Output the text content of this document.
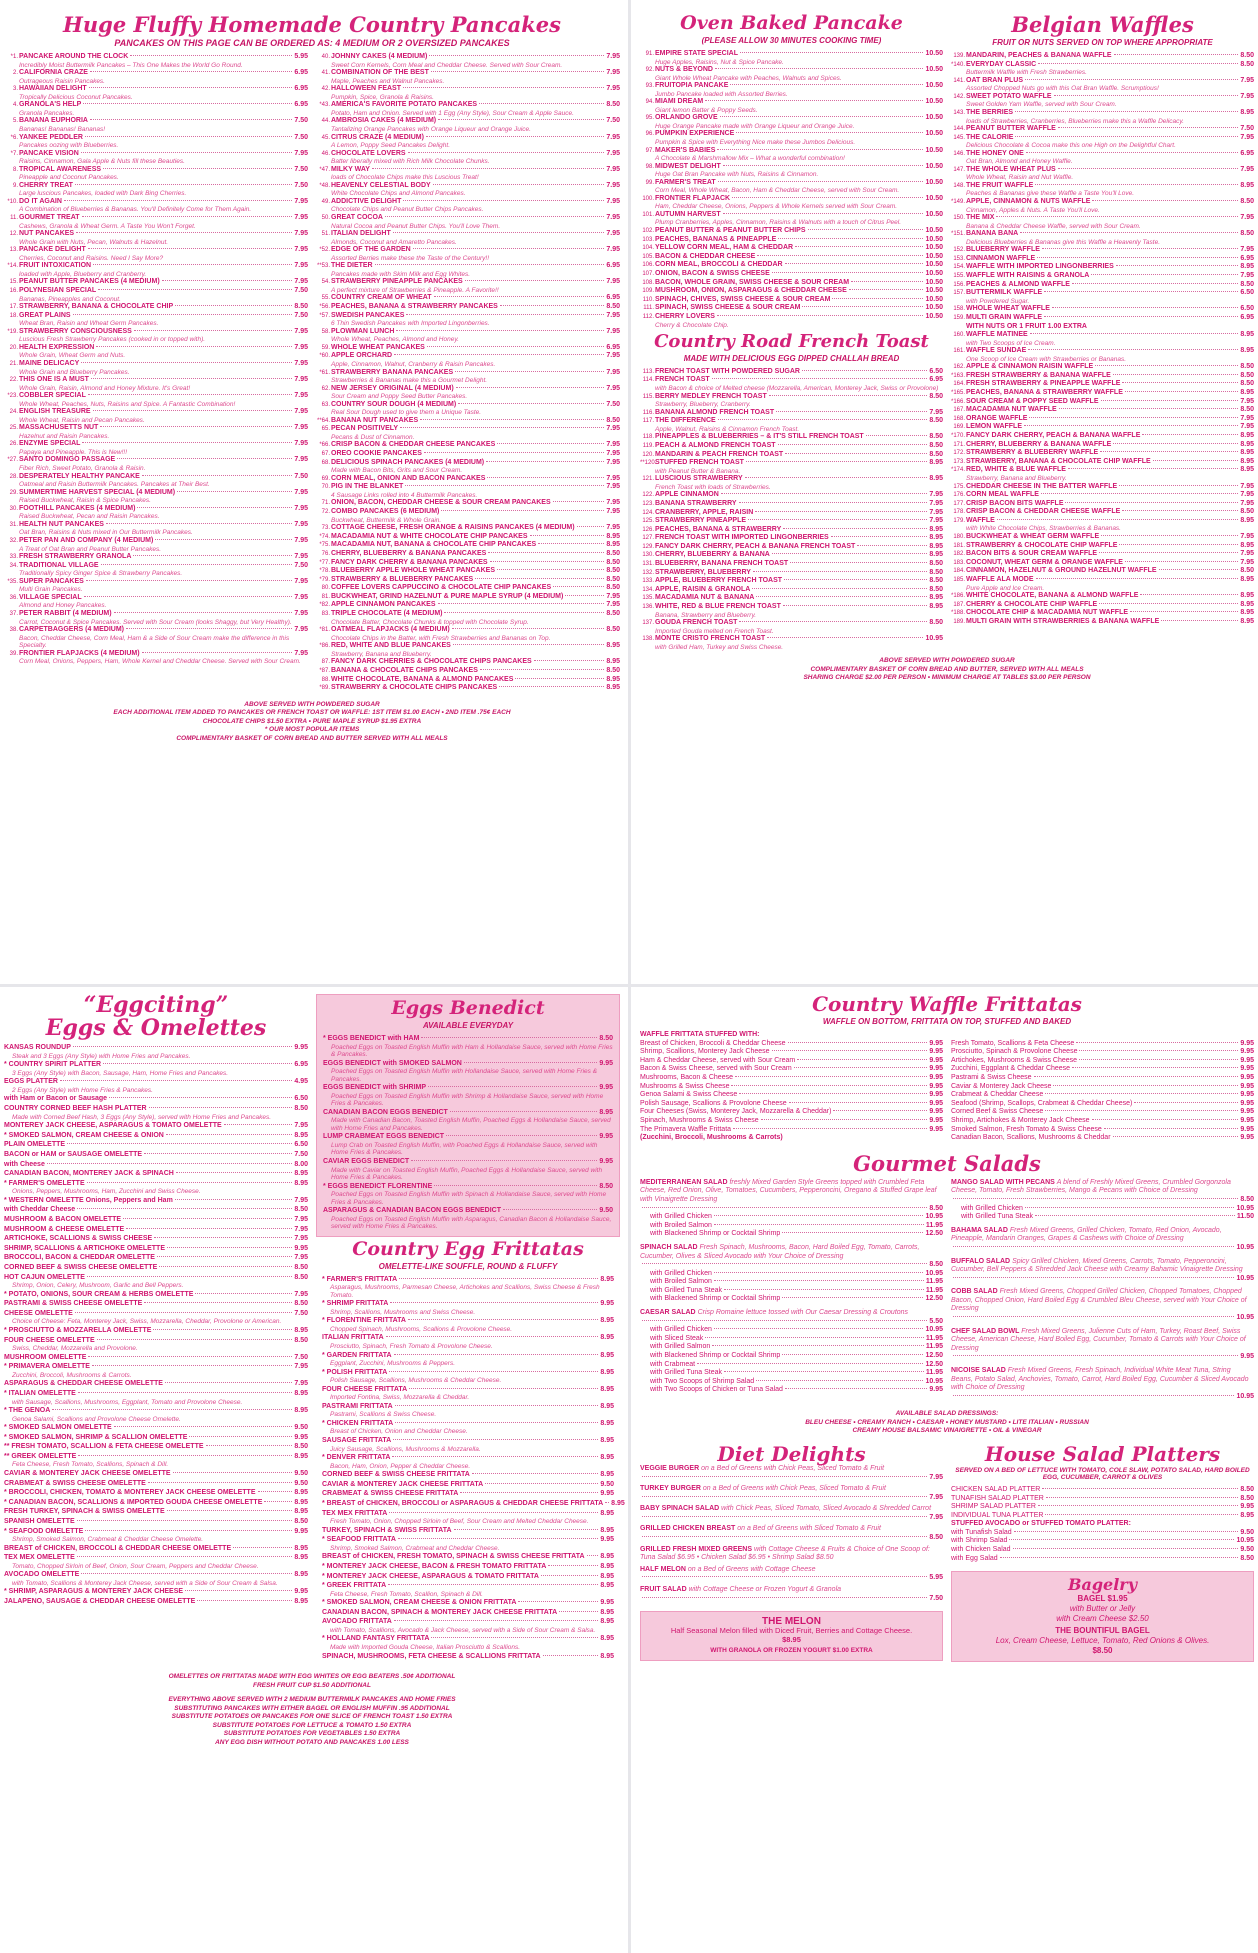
Huge Fluffy Homemade Country Pancakes
PANCAKES ON THIS PAGE CAN BE ORDERED AS: 4 MEDIUM OR 2 OVERSIZED PANCAKES
*1. PANCAKE AROUND THE CLOCK	5.95
Incredibly Moist Buttermilk Pancakes – This One Makes the World Go Round.
2. CALIFORNIA CRAZE	6.95
Outrageous Raisin Pancakes.
3. HAWAIIAN DELIGHT	6.95
Tropically Delicious Coconut Pancakes.
4. GRANOLA'S HELP	6.95
Granola Pancakes.
5. BANANA EUPHORIA	7.50
Bananas! Bananas! Bananas!
*6. YANKEE PEDDLER	7.50
Pancakes oozing with Blueberries.
*7. PANCAKE VISION	7.95
Raisins, Cinnamon, Gala Apple & Nuts fill these Beauties.
8. TROPICAL AWARENESS	7.50
Pineapple and Coconut Pancakes.
9. CHERRY TREAT	7.50
Large luscious Pancakes, loaded with Dark Bing Cherries.
*10. DO IT AGAIN	7.95
A Combination of Blueberries & Bananas. You'll Definitely Come for Them Again.
11. GOURMET TREAT	7.95
Cashews, Granola & Wheat Germ. A Taste You Won't Forget.
12. NUT PANCAKES	7.95
Whole Grain with Nuts, Pecan, Walnuts & Hazelnut.
13. PANCAKE DELIGHT	7.95
Cherries, Coconut and Raisins. Need I Say More?
*14. FRUIT INTOXICATION	7.95
loaded with Apple, Blueberry and Cranberry.
15. PEANUT BUTTER PANCAKES (4 MEDIUM)	7.95
16. POLYNESIAN SPECIAL	7.50
Bananas, Pineapples and Coconut.
17. STRAWBERRY, BANANA & CHOCOLATE CHIP	8.50
18. GREAT PLAINS	7.50
Wheat Bran, Raisin and Wheat Germ Pancakes.
*19. STRAWBERRY CONSCIOUSNESS	7.95
Luscious Fresh Strawberry Pancakes (cooked in or topped with).
20. HEALTH EXPRESSION	7.95
Whole Grain, Wheat Germ and Nuts.
21. MAINE DELICACY	7.95
Whole Grain and Blueberry Pancakes.
22. THIS ONE IS A MUST	7.95
Whole Grain, Raisin, Almond and Honey Mixture. It's Great!
*23. COBBLER SPECIAL	7.95
Whole Wheat, Peaches, Nuts, Raisins and Spice. A Fantastic Combination!
24. ENGLISH TREASURE	7.95
Whole Wheat, Raisin and Pecan Pancakes.
25. MASSACHUSETTS NUT	7.95
Hazelnut and Raisin Pancakes.
26. ENZYME SPECIAL	7.95
Papaya and Pineapple. This is New!!!
*27. SANTO DOMINGO PASSAGE	7.95
Fiber Rich, Sweet Potato, Granola & Raisin.
28. DESPERATELY HEALTHY PANCAKE	7.50
Oatmeal and Raisin Buttermilk Pancakes. Pancakes at Their Best.
29. SUMMERTIME HARVEST SPECIAL (4 MEDIUM)	7.95
Raised Buckwheat, Raisin & Spice Pancakes.
30. FOOTHILL PANCAKES (4 MEDIUM)	7.95
Raised Buckwheat, Pecan and Raisin Pancakes.
31. HEALTH NUT PANCAKES	7.95
Oat Bran, Raisins & Nuts mixed in Our Buttermilk Pancakes.
32. PETER PAN AND COMPANY (4 MEDIUM)	7.95
A Treat of Oat Bran and Peanut Butter Pancakes.
33. FRESH STRAWBERRY GRANOLA	7.95
34. TRADITIONAL VILLAGE	7.50
Traditionally Spicy Ginger Spice & Strawberry Pancakes.
*35. SUPER PANCAKES	7.95
Multi Grain Pancakes.
36. VILLAGE SPECIAL	7.95
Almond and Honey Pancakes.
37. PETER RABBIT (4 MEDIUM)	7.95
Carrot, Coconut & Spice Pancakes. Served with Sour Cream (looks Shaggy, but Very Healthy).
38. CARPETBAGGERS (4 MEDIUM)	7.95
Bacon, Cheddar Cheese, Corn Meal, Ham & a Side of Sour Cream make the difference in this Specialty.
39. FRONTIER FLAPJACKS (4 MEDIUM)	7.95
Corn Meal, Onions, Peppers, Ham, Whole Kernel and Cheddar Cheese. Served with Sour Cream.
40. JOHNNY CAKES (4 MEDIUM)	7.95
Sweet Corn Kernels, Corn Meal and Cheddar Cheese. Served with Sour Cream.
41. COMBINATION OF THE BEST	7.95
Maple, Peaches and Walnut Pancakes.
42. HALLOWEEN FEAST	7.95
Pumpkin, Spice, Granola & Raisins.
*43. AMERICA'S FAVORITE POTATO PANCAKES	8.50
Potato, Ham and Onion. Served with 1 Egg (Any Style), Sour Cream & Apple Sauce.
44. AMBROSIA CAKES (4 MEDIUM)	7.50
Tantalizing Orange Pancakes with Orange Liqueur and Orange Juice.
45. CITRUS CRAZE (4 MEDIUM)	7.95
A Lemon, Poppy Seed Pancakes Delight.
46. CHOCOLATE LOVERS	7.95
Batter liberally mixed with Rich Milk Chocolate Chunks.
*47. MILKY WAY	7.95
loads of Chocolate Chips make this Luscious Treat!
*48. HEAVENLY CELESTIAL BODY	7.95
White Chocolate Chips and Almond Pancakes.
49. ADDICTIVE DELIGHT	7.95
Chocolate Chips and Peanut Butter Chips Pancakes.
50. GREAT COCOA	7.95
Natural Cocoa and Peanut Butter Chips. You'll Love Them.
51. ITALIAN DELIGHT	7.95
Almonds, Coconut and Amaretto Pancakes.
*52. EDGE OF THE GARDEN	7.95
Assorted Berries make these the Taste of the Century!!
**53. THE DIETER	6.95
Pancakes made with Skim Milk and Egg Whites.
54. STRAWBERRY PINEAPPLE PANCAKES	7.95
A perfect mixture of Strawberries & Pineapple. A Favorite!!
55. COUNTRY CREAM OF WHEAT	6.95
*56. PEACHES, BANANA & STRAWBERRY PANCAKES	8.50
*57. SWEDISH PANCAKES	7.95
6 Thin Swedish Pancakes with Imported Lingonberries.
58. PLOWMAN LUNCH	7.95
Whole Wheat, Peaches, Almond and Honey.
59. WHOLE WHEAT PANCAKES	6.95
*60. APPLE ORCHARD	7.95
Apple, Cinnamon, Walnut, Cranberry & Raisin Pancakes.
*61. STRAWBERRY BANANA PANCAKES	7.95
Strawberries & Bananas make this a Gourmet Delight.
62. NEW JERSEY ORIGINAL (4 MEDIUM)	7.95
Sour Cream and Poppy Seed Butter Pancakes.
63. COUNTRY SOUR DOUGH (4 MEDIUM)	7.50
Real Sour Dough used to give them a Unique Taste.
**64. BANANA NUT PANCAKES	8.50
65. PECAN POSITIVELY	7.95
Pecans & Dust of Cinnamon.
*66. CRISP BACON & CHEDDAR CHEESE PANCAKES	7.95
67. OREO COOKIE PANCAKES	7.95
68. DELICIOUS SPINACH PANCAKES (4 MEDIUM)	7.95
Made with Bacon Bits, Grits and Sour Cream.
69. CORN MEAL, ONION AND BACON PANCAKES	7.95
70. PIG IN THE BLANKET	7.95
4 Sausage Links rolled into 4 Buttermilk Pancakes.
71. ONION, BACON, CHEDDAR CHEESE & SOUR CREAM PANCAKES	7.95
72. COMBO PANCAKES (6 MEDIUM)	7.95
Buckwheat, Buttermilk & Whole Grain.
73. COTTAGE CHEESE, FRESH ORANGE & RAISINS PANCAKES (4 MEDIUM)	7.95
*74. MACADAMIA NUT & WHITE CHOCOLATE CHIP PANCAKES	8.95
*75. MACADAMIA NUT, BANANA & CHOCOLATE CHIP PANCAKES	8.95
76. CHERRY, BLUEBERRY & BANANA PANCAKES	8.50
*77. FANCY DARK CHERRY & BANANA PANCAKES	8.50
*78. BLUEBERRY APPLE WHOLE WHEAT PANCAKES	8.50
*79. STRAWBERRY & BLUEBERRY PANCAKES	8.50
80. COFFEE LOVERS CAPPUCCINO & CHOCOLATE CHIP PANCAKES	8.50
81. BUCKWHEAT, GRIND HAZELNUT & PURE MAPLE SYRUP (4 MEDIUM)	7.95
*82. APPLE CINNAMON PANCAKES	7.95
83. TRIPLE CHOCOLATE (4 MEDIUM)	8.50
Chocolate Batter, Chocolate Chunks & topped with Chocolate Syrup.
*81. OATMEAL FLAPJACKS (4 MEDIUM)	8.50
Chocolate Chips in the Batter, with Fresh Strawberries and Bananas on Top.
*86. RED, WHITE AND BLUE PANCAKES	8.95
Strawberry, Banana and Blueberry.
87. FANCY DARK CHERRIES & CHOCOLATE CHIPS PANCAKES	8.95
*87. BANANA & CHOCOLATE CHIPS PANCAKES	8.50
88. WHITE CHOCOLATE, BANANA & ALMOND PANCAKES	8.95
*89. STRAWBERRY & CHOCOLATE CHIPS PANCAKES	8.95
ABOVE SERVED WITH POWDERED SUGAR
EACH ADDITIONAL ITEM ADDED TO PANCAKES OR FRENCH TOAST OR WAFFLE: 1ST ITEM $1.00 EACH • 2ND ITEM .75¢ EACH
CHOCOLATE CHIPS $1.50 EXTRA • PURE MAPLE SYRUP $1.95 EXTRA
* OUR MOST POPULAR ITEMS
COMPLIMENTARY BASKET OF CORN BREAD AND BUTTER SERVED WITH ALL MEALS
Oven Baked Pancake
(PLEASE ALLOW 30 MINUTES COOKING TIME)
91. EMPIRE STATE SPECIAL	10.50
Huge Apples, Raisins, Nut & Spice Pancake.
92. NUTS & BEYOND	10.50
Giant Whole Wheat Pancake with Peaches, Walnuts and Spices.
93. FRUITOPIA PANCAKE	10.50
Jumbo Pancake loaded with Assorted Berries.
94. MIAMI DREAM	10.50
Giant lemon Batter & Poppy Seeds.
95. ORLANDO GROVE	10.50
Huge Orange Pancake made with Orange Liqueur and Orange Juice.
96. PUMPKIN EXPERIENCE	10.50
Pumpkin & Spice with Everything Nice make these Jumbos Delicious.
97. MAKER'S BABIES	10.50
A Chocolate & Marshmallow Mix – What a wonderful combination!
98. MIDWEST DELIGHT	10.50
Huge Oat Bran Pancake with Nuts, Raisins & Cinnamon.
99. FARMER'S TREAT	10.50
Corn Meal, Whole Wheat, Bacon, Ham & Cheddar Cheese, served with Sour Cream.
100. FRONTIER FLAPJACK	10.50
Ham, Cheddar Cheese, Onions, Peppers & Whole Kernels served with Sour Cream.
101. AUTUMN HARVEST	10.50
Plump Cranberries, Apples, Cinnamon, Raisins & Walnuts with a touch of Citrus Peel.
102. PEANUT BUTTER & PEANUT BUTTER CHIPS	10.50
103. PEACHES, BANANAS & PINEAPPLE	10.50
104. YELLOW CORN MEAL, HAM & CHEDDAR	10.50
105. BACON & CHEDDAR CHEESE	10.50
106. CORN MEAL, BROCCOLI & CHEDDAR	10.50
107. ONION, BACON & SWISS CHEESE	10.50
108. BACON, WHOLE GRAIN, SWISS CHEESE & SOUR CREAM	10.50
109. MUSHROOM, ONION, ASPARAGUS & CHEDDAR CHEESE	10.50
110. SPINACH, CHIVES, SWISS CHEESE & SOUR CREAM	10.50
111. SPINACH, SWISS CHEESE & SOUR CREAM	10.50
112. CHERRY LOVERS	10.50
Cherry & Chocolate Chip.
Country Road French Toast
MADE WITH DELICIOUS EGG DIPPED CHALLAH BREAD
113. FRENCH TOAST WITH POWDERED SUGAR	6.50
114. FRENCH TOAST	6.95
with Bacon & choice of Melted cheese (Mozzarella, American, Monterey Jack, Swiss or Provolone)
115. BERRY MEDLEY FRENCH TOAST	8.50
Strawberry, Blueberry, Cranberry.
116. BANANA ALMOND FRENCH TOAST	7.95
117. THE DIFFERENCE	8.50
Apple, Walnut, Raisins & Cinnamon French Toast.
118. PINEAPPLES & BLUEBERRIES – & IT'S STILL FRENCH TOAST	8.50
119. PEACH & ALMOND FRENCH TOAST	8.50
120. MANDARIN & PEACH FRENCH TOAST	8.50
**120.
STUFFED FRENCH TOAST	8.95
with Peanut Butter & Banana.
121. LUSCIOUS STRAWBERRY	8.95
French Toast with loads of Strawberries.
122. APPLE CINNAMON	7.95
123. BANANA STRAWBERRY	7.95
124. CRANBERRY, APPLE, RAISIN	7.95
125. STRAWBERRY PINEAPPLE	7.95
126. PEACHES, BANANA & STRAWBERRY	8.95
127. FRENCH TOAST WITH IMPORTED LINGONBERRIES	8.95
129. FANCY DARK CHERRY, PEACH & BANANA FRENCH TOAST	8.95
130. CHERRY, BLUEBERRY & BANANA	8.95
131. BLUEBERRY, BANANA FRENCH TOAST	8.50
132. STRAWBERRY, BLUEBERRY	8.50
133. APPLE, BLUEBERRY FRENCH TOAST	8.50
134. APPLE, RAISIN & GRANOLA	8.50
135. MACADAMIA NUT & BANANA	8.95
136. WHITE, RED & BLUE FRENCH TOAST	8.95
Banana, Strawberry and Blueberry.
137. GOUDA FRENCH TOAST	8.50
Imported Gouda melted on French Toast.
138. MONTE CRISTO FRENCH TOAST	10.95
with Grilled Ham, Turkey and Swiss Cheese.
Belgian Waffles
FRUIT OR NUTS SERVED ON TOP WHERE APPROPRIATE
139. MANDARIN, PEACHES & BANANA WAFFLE	8.50
*140. EVERYDAY CLASSIC	8.50
Buttermilk Waffle with Fresh Strawberries.
141. OAT BRAN PLUS	7.95
Assorted Chopped Nuts go with this Oat Bran Waffle. Scrumptious!
142. SWEET POTATO WAFFLE	7.95
Sweet Golden Yam Waffle, served with Sour Cream.
143. THE BERRIES	8.95
loads of Strawberries, Cranberries, Blueberries make this a Waffle Delicacy.
144. PEANUT BUTTER WAFFLE	7.50
145. THE CALORIE	7.95
Delicious Chocolate & Cocoa make this one High on the Delightful Chart.
146. THE HONEY ONE	6.95
Oat Bran, Almond and Honey Waffle.
147. THE WHOLE WHEAT PLUS	7.95
Whole Wheat, Raisin and Nut Waffle.
148. THE FRUIT WAFFLE	8.95
Peaches & Bananas give these Waffle a Taste You'll Love.
*149. APPLE, CINNAMON & NUTS WAFFLE	8.50
Cinnamon, Apples & Nuts. A Taste You'll Love.
150. THE MIX	7.95
Banana & Cheddar Cheese Waffle, served with Sour Cream.
*151. BANANA BANA	8.50
Delicious Blueberries & Bananas give this Waffle a Heavenly Taste.
152. BLUEBERRY WAFFLE	7.95
153. CINNAMON WAFFLE	6.95
154. WAFFLE WITH IMPORTED LINGONBERRIES	8.95
155. WAFFLE WITH RAISINS & GRANOLA	7.95
156. PEACHES & ALMOND WAFFLE	8.50
157. BUTTERMILK WAFFLE	6.50
with Powdered Sugar.
158. WHOLE WHEAT WAFFLE	6.50
159. MULTI GRAIN WAFFLE	6.95
WITH NUTS OR 1 FRUIT 1.00 EXTRA
160. WAFFLE MATINEE	8.95
with Two Scoops of Ice Cream.
161. WAFFLE SUNDAE	8.95
One Scoop of Ice Cream with Strawberries or Bananas.
162. APPLE & CINNAMON RAISIN WAFFLE	8.50
*163. FRESH STRAWBERRY & BANANA WAFFLE	8.50
164. FRESH STRAWBERRY & PINEAPPLE WAFFLE	8.50
*165. PEACHES, BANANA & STRAWBERRY WAFFLE	8.95
*166. SOUR CREAM & POPPY SEED WAFFLE	7.95
167. MACADAMIA NUT WAFFLE	8.50
168. ORANGE WAFFLE	7.95
169. LEMON WAFFLE	7.95
*170. FANCY DARK CHERRY, PEACH & BANANA WAFFLE	8.95
171. CHERRY, BLUEBERRY & BANANA WAFFLE	8.95
172. STRAWBERRY & BLUEBERRY WAFFLE	8.95
173. STRAWBERRY, BANANA & CHOCOLATE CHIP WAFFLE	8.95
*174. RED, WHITE & BLUE WAFFLE	8.95
Strawberry, Banana and Blueberry.
175. CHEDDAR CHEESE IN THE BATTER WAFFLE	7.95
176. CORN MEAL WAFFLE	7.95
177. CRISP BACON BITS WAFFLE	7.95
178. CRISP BACON & CHEDDAR CHEESE WAFFLE	8.50
179. WAFFLE	8.95
with White Chocolate Chips, Strawberries & Bananas.
180. BUCKWHEAT & WHEAT GERM WAFFLE	7.95
181. STRAWBERRY & CHOCOLATE CHIP WAFFLE	8.95
182. BACON BITS & SOUR CREAM WAFFLE	7.95
183. COCONUT, WHEAT GERM & ORANGE WAFFLE	7.95
184. CINNAMON, HAZELNUT & GROUND HAZELNUT WAFFLE	8.50
185. WAFFLE ALA MODE	8.95
Pure Apple and Ice Cream.
*186. WHITE CHOCOLATE, BANANA & ALMOND WAFFLE	8.95
187. CHERRY & CHOCOLATE CHIP WAFFLE	8.95
*188. CHOCOLATE CHIP & MACADAMIA NUT WAFFLE	8.95
189. MULTI GRAIN WITH STRAWBERRIES & BANANA WAFFLE	8.95
ABOVE SERVED WITH POWDERED SUGAR
COMPLIMENTARY BASKET OF CORN BREAD AND BUTTER, SERVED WITH ALL MEALS
SHARING CHARGE $2.00 PER PERSON • MINIMUM CHARGE AT TABLES $3.00 PER PERSON
“Eggciting”
Eggs & Omelettes
KANSAS ROUNDUP	9.95
Steak and 3 Eggs (Any Style) with Home Fries and Pancakes.
* COUNTRY SPIRIT PLATTER	6.95
3 Eggs (Any Style) with Bacon, Sausage, Ham, Home Fries and Pancakes.
EGGS PLATTER	4.95
2 Eggs (Any Style) with Home Fries & Pancakes.
with Ham or Bacon or Sausage	6.50
COUNTRY CORNED BEEF HASH PLATTER	8.50
Made with Corned Beef Hash, 3 Eggs (Any Style), served with Home Fries and Pancakes.
MONTEREY JACK CHEESE, ASPARAGUS & TOMATO OMELETTE	7.95
* SMOKED SALMON, CREAM CHEESE & ONION	8.95
PLAIN OMELETTE	6.50
BACON or HAM or SAUSAGE OMELETTE	7.50
with Cheese	8.00
CANADIAN BACON, MONTEREY JACK & SPINACH	8.95
* FARMER'S OMELETTE	8.95
Onions, Peppers, Mushrooms, Ham, Zucchini and Swiss Cheese.
* WESTERN OMELETTE Onions, Peppers and Ham	7.95
with Cheddar Cheese	8.50
MUSHROOM & BACON OMELETTE	7.95
MUSHROOM & CHEESE OMELETTE	7.95
ARTICHOKE, SCALLIONS & SWISS CHEESE	7.95
SHRIMP, SCALLIONS & ARTICHOKE OMELETTE	9.95
BROCCOLI, BACON & CHEDDAR OMELETTE	7.95
CORNED BEEF & SWISS CHEESE OMELETTE	8.50
HOT CAJUN OMELETTE	8.50
Shrimp, Onion, Celery, Mushroom, Garlic and Bell Peppers.
* POTATO, ONIONS, SOUR CREAM & HERBS OMELETTE	7.95
PASTRAMI & SWISS CHEESE OMELETTE	8.50
CHEESE OMELETTE	7.50
Choice of Cheese: Feta, Monterey Jack, Swiss, Mozzarella, Cheddar, Provolone or American.
* PROSCIUTTO & MOZZARELLA OMELETTE	8.95
FOUR CHEESE OMELETTE	8.50
Swiss, Cheddar, Mozzarella and Provolone.
MUSHROOM OMELETTE	7.50
* PRIMAVERA OMELETTE	7.95
Zucchini, Broccoli, Mushrooms & Carrots.
ASPARAGUS & CHEDDAR CHEESE OMELETTE	7.95
* ITALIAN OMELETTE	8.95
with Sausage, Scallions, Mushrooms, Eggplant, Tomato and Provolone Cheese.
* THE GENOA	8.95
Genoa Salami, Scallions and Provolone Cheese Omelette.
* SMOKED SALMON OMELETTE	9.50
* SMOKED SALMON, SHRIMP & SCALLION OMELETTE	9.95
** FRESH TOMATO, SCALLION & FETA CHEESE OMELETTE	8.50
** GREEK OMELETTE	8.95
Feta Cheese, Fresh Tomato, Scallions, Spinach & Dill.
CAVIAR & MONTEREY JACK CHEESE OMELETTE	9.50
CRABMEAT & SWISS CHEESE OMELETTE	9.50
* BROCCOLI, CHICKEN, TOMATO & MONTEREY JACK CHEESE OMELETTE	8.95
* CANADIAN BACON, SCALLIONS & IMPORTED GOUDA CHEESE OMELETTE	8.95
FRESH TURKEY, SPINACH & SWISS OMELETTE	8.95
SPANISH OMELETTE	8.50
* SEAFOOD OMELETTE	9.95
Shrimp, Smoked Salmon, Crabmeat & Cheddar Cheese Omelette.
BREAST of CHICKEN, BROCCOLI & CHEDDAR CHEESE OMELETTE	8.95
TEX MEX OMELETTE	8.95
Tomato, Chopped Sirloin of Beef, Onion, Sour Cream, Peppers and Cheddar Cheese.
AVOCADO OMELETTE	8.95
with Tomato, Scallions & Monterey Jack Cheese, served with a Side of Sour Cream & Salsa.
* SHRIMP, ASPARAGUS & MONTEREY JACK CHEESE	9.95
JALAPENO, SAUSAGE & CHEDDAR CHEESE OMELETTE	8.95
Eggs Benedict
AVAILABLE EVERYDAY
* EGGS BENEDICT with HAM	8.50
Poached Eggs on Toasted English Muffin with Ham & Hollandaise Sauce, served with Home Fries & Pancakes.
EGGS BENEDICT with SMOKED SALMON	9.95
Poached Eggs on Toasted English Muffin with Hollandaise Sauce, served with Home Fries & Pancakes.
EGGS BENEDICT with SHRIMP	9.95
Poached Eggs on Toasted English Muffin with Shrimp & Hollandaise Sauce, served with Home Fries & Pancakes.
CANADIAN BACON EGGS BENEDICT	8.95
Made with Canadian Bacon, Toasted English Muffin, Poached Eggs & Hollandaise Sauce, served with Home Fries and Pancakes.
LUMP CRABMEAT EGGS BENEDICT	9.95
Lump Crab on Toasted English Muffin, with Poached Eggs & Hollandaise Sauce, served with Home Fries & Pancakes.
CAVIAR EGGS BENEDICT	9.95
Made with Caviar on Toasted English Muffin, Poached Eggs & Hollandaise Sauce, served with Home Fries & Pancakes.
* EGGS BENEDICT FLORENTINE	8.50
Poached Eggs on Toasted English Muffin with Spinach & Hollandaise Sauce, served with Home Fries & Pancakes.
ASPARAGUS & CANADIAN BACON EGGS BENEDICT	9.50
Poached Eggs on Toasted English Muffin with Asparagus, Canadian Bacon & Hollandaise Sauce, served with Home Fries & Pancakes.
Country Egg Frittatas
OMELETTE-LIKE SOUFFLE, ROUND & FLUFFY
* FARMER'S FRITTATA	8.95
Asparagus, Mushrooms, Parmesan Cheese, Artichokes and Scallions, Swiss Cheese & Fresh Tomato.
* SHRIMP FRITTATA	9.95
Shrimp, Scallions, Mushrooms and Swiss Cheese.
* FLORENTINE FRITTATA	8.95
Chopped Spinach, Mushrooms, Scallions & Provolone Cheese.
ITALIAN FRITTATA	8.95
Prosciutto, Spinach, Fresh Tomato & Provolone Cheese.
* GARDEN FRITTATA	8.95
Eggplant, Zucchini, Mushrooms & Peppers.
* POLISH FRITTATA	8.95
Polish Sausage, Scallions, Mushrooms & Cheddar Cheese.
FOUR CHEESE FRITTATA	8.95
Imported Fontina, Swiss, Mozzarella & Cheddar.
PASTRAMI FRITTATA	8.95
Pastrami, Scallions & Swiss Cheese.
* CHICKEN FRITTATA	8.95
Breast of Chicken, Onion and Cheddar Cheese.
SAUSAGE FRITTATA	8.95
Juicy Sausage, Scallions, Mushrooms & Mozzarella.
* DENVER FRITTATA	8.95
Bacon, Ham, Onion, Pepper & Cheddar Cheese.
CORNED BEEF & SWISS CHEESE FRITTATA	8.95
CAVIAR & MONTEREY JACK CHEESE FRITTATA	9.50
CRABMEAT & SWISS CHEESE FRITTATA	9.95
* BREAST of CHICKEN, BROCCOLI or ASPARAGUS & CHEDDAR CHEESE FRITTATA 8.95
TEX MEX FRITTATA	8.95
Fresh Tomato, Onion, Chopped Sirloin of Beef, Sour Cream and Melted Cheddar Cheese.
TURKEY, SPINACH & SWISS FRITTATA	8.95
* SEAFOOD FRITTATA	9.95
Shrimp, Smoked Salmon, Crabmeat and Cheddar Cheese.
BREAST of CHICKEN, FRESH TOMATO, SPINACH & SWISS CHEESE FRITTATA 8.95
* MONTEREY JACK CHEESE, BACON & FRESH TOMATO FRITTATA	8.95
* MONTEREY JACK CHEESE, ASPARAGUS & TOMATO FRITTATA	8.95
* GREEK FRITTATA	8.95
Feta Cheese, Fresh Tomato, Scallion, Spinach & Dill.
* SMOKED SALMON, CREAM CHEESE & ONION FRITTATA	9.95
CANADIAN BACON, SPINACH & MONTEREY JACK CHEESE FRITTATA	8.95
AVOCADO FRITTATA	8.95
with Tomato, Scallions, Avocado & Jack Cheese, served with a Side of Sour Cream & Salsa.
* HOLLAND FANTASY FRITTATA	8.95
Made with Imported Gouda Cheese, Italian Prosciutto & Scallions.
SPINACH, MUSHROOMS, FETA CHEESE & SCALLIONS FRITTATA	8.95
OMELETTES OR FRITTATAS MADE WITH EGG WHITES OR EGG BEATERS .50¢ ADDITIONAL
FRESH FRUIT CUP $1.50 ADDITIONAL
EVERYTHING ABOVE SERVED WITH 2 MEDIUM BUTTERMILK PANCAKES AND HOME FRIES
SUBSTITUTING PANCAKES WITH EITHER BAGEL OR ENGLISH MUFFIN .95 ADDITIONAL
SUBSTITUTE POTATOES OR PANCAKES FOR ONE SLICE OF FRENCH TOAST 1.50 EXTRA
SUBSTITUTE POTATOES FOR LETTUCE & TOMATO 1.50 EXTRA
SUBSTITUTE POTATOES FOR VEGETABLES 1.50 EXTRA
ANY EGG DISH WITHOUT POTATO AND PANCAKES 1.00 LESS
Country Waffle Frittatas
WAFFLE ON BOTTOM, FRITTATA ON TOP, STUFFED AND BAKED
WAFFLE FRITTATA STUFFED WITH:
Breast of Chicken, Broccoli & Cheddar Cheese	9.95
Shrimp, Scallions, Monterey Jack Cheese	9.95
Ham & Cheddar Cheese, served with Sour Cream	9.95
Bacon & Swiss Cheese, served with Sour Cream	9.95
Mushrooms, Bacon & Cheese	9.95
Mushrooms & Swiss Cheese	9.95
Genoa Salami & Swiss Cheese	9.95
Polish Sausage, Scallions & Provolone Cheese	9.95
Four Cheeses (Swiss, Monterey Jack, Mozzarella & Cheddar)	9.95
Spinach, Mushrooms & Swiss Cheese	9.95
The Primavera Waffle Frittata	9.95
(Zucchini, Broccoli, Mushrooms & Carrots)
Fresh Tomato, Scallions & Feta Cheese	9.95
Prosciutto, Spinach & Provolone Cheese	9.95
Artichokes, Mushrooms & Swiss Cheese	9.95
Zucchini, Eggplant & Cheddar Cheese	9.95
Pastrami & Swiss Cheese	9.95
Caviar & Monterey Jack Cheese	9.95
Crabmeat & Cheddar Cheese	9.95
Seafood (Shrimp, Scallops, Crabmeat & Cheddar Cheese)	9.95
Corned Beef & Swiss Cheese	9.95
Shrimp, Artichokes & Monterey Jack Cheese	9.95
Smoked Salmon, Fresh Tomato & Swiss Cheese	9.95
Canadian Bacon, Scallions, Mushrooms & Cheddar	9.95
Gourmet Salads
MEDITERRANEAN SALAD freshly Mixed Garden Style Greens topped with Crumbled Feta Cheese, Red Onion, Olive, Tomatoes, Cucumbers, Pepperoncini, Oregano & Stuffed Grape leaf with Vinaigrette Dressing
8.50
with Grilled Chicken	10.95
with Broiled Salmon	11.95
with Blackened Shrimp or Cocktail Shrimp	12.50
SPINACH SALAD Fresh Spinach, Mushrooms, Bacon, Hard Boiled Egg, Tomato, Carrots, Cucumber, Olives & Sliced Avocado with Your Choice of Dressing
8.50
with Grilled Chicken	10.95
with Broiled Salmon	11.95
with Grilled Tuna Steak	11.95
with Blackened Shrimp or Cocktail Shrimp	12.50
CAESAR SALAD Crisp Romaine lettuce tossed with Our Caesar Dressing & Croutons
5.50
with Grilled Chicken	10.95
with Sliced Steak	11.95
with Grilled Salmon	11.95
with Blackened Shrimp or Cocktail Shrimp	12.50
with Crabmeat	12.50
with Grilled Tuna Steak	11.95
with Two Scoops of Shrimp Salad	10.95
with Two Scoops of Chicken or Tuna Salad	9.95
MANGO SALAD WITH PECANS A blend of Freshly Mixed Greens, Crumbled Gorgonzola Cheese, Tomato, Fresh Strawberries, Mango & Pecans with Choice of Dressing
8.50
with Grilled Chicken	10.95
with Grilled Tuna Steak	11.50
BAHAMA SALAD Fresh Mixed Greens, Grilled Chicken, Tomato, Red Onion, Avocado, Pineapple, Mandarin Oranges, Grapes & Cashews with Choice of Dressing
10.95
BUFFALO SALAD Spicy Grilled Chicken, Mixed Greens, Carrots, Tomato, Pepperoncini, Cucumber, Bell Peppers & Shredded Jack Cheese with Creamy Bahamic Vinaigrette Dressing
10.95
COBB SALAD Fresh Mixed Greens, Chopped Grilled Chicken, Chopped Tomatoes, Chopped Bacon, Chopped Onion, Hard Boiled Egg & Crumbled Bleu Cheese, served with Your Choice of Dressing
10.95
CHEF SALAD BOWL Fresh Mixed Greens, Julienne Cuts of Ham, Turkey, Roast Beef, Swiss Cheese, American Cheese, Hard Boiled Egg, Cucumber, Tomato & Carrots with Your Choice of Dressing
9.95
NICOISE SALAD Fresh Mixed Greens, Fresh Spinach, Individual White Meat Tuna, String Beans, Potato Salad, Anchovies, Tomato, Carrot, Hard Boiled Egg, Cucumber & Sliced Avocado with Choice of Dressing
10.95
AVAILABLE SALAD DRESSINGS:
BLEU CHEESE • CREAMY RANCH • CAESAR • HONEY MUSTARD • LITE ITALIAN • RUSSIAN
CREAMY HOUSE BALSAMIC VINAIGRETTE • OIL & VINEGAR
Diet Delights
VEGGIE BURGER on a Bed of Greens with Chick Peas, Sliced Tomato & Fruit
7.95
TURKEY BURGER on a Bed of Greens with Chick Peas, Sliced Tomato & Fruit
7.95
BABY SPINACH SALAD with Chick Peas, Sliced Tomato, Sliced Avocado & Shredded Carrot
7.95
GRILLED CHICKEN BREAST on a Bed of Greens with Sliced Tomato & Fruit
8.50
GRILLED FRESH MIXED GREENS with Cottage Cheese & Fruits & Choice of One Scoop of: Tuna Salad $6.95 • Chicken Salad $6.95 • Shrimp Salad $8.50
HALF MELON on a Bed of Greens with Cottage Cheese
5.95
FRUIT SALAD with Cottage Cheese or Frozen Yogurt & Granola
7.50
THE MELON
Half Seasonal Melon filled with Diced Fruit, Berries and Cottage Cheese.
$8.95
WITH GRANOLA OR FROZEN YOGURT $1.00 EXTRA
House Salad Platters
SERVED ON A BED OF LETTUCE WITH TOMATO, COLE SLAW, POTATO SALAD, HARD BOILED EGG, CUCUMBER, CARROT & OLIVES
CHICKEN SALAD PLATTER	8.50
TUNAFISH SALAD PLATTER	8.50
SHRIMP SALAD PLATTER	9.95
INDIVIDUAL TUNA PLATTER	8.95
STUFFED AVOCADO or STUFFED TOMATO PLATTER:
with Tunafish Salad	9.50
with Shrimp Salad	10.95
with Chicken Salad	9.50
with Egg Salad	8.50
Bagelry
BAGEL $1.95
with Butter or Jelly
with Cream Cheese $2.50
THE BOUNTIFUL BAGEL
Lox, Cream Cheese, Lettuce, Tomato, Red Onions & Olives.
$8.50
